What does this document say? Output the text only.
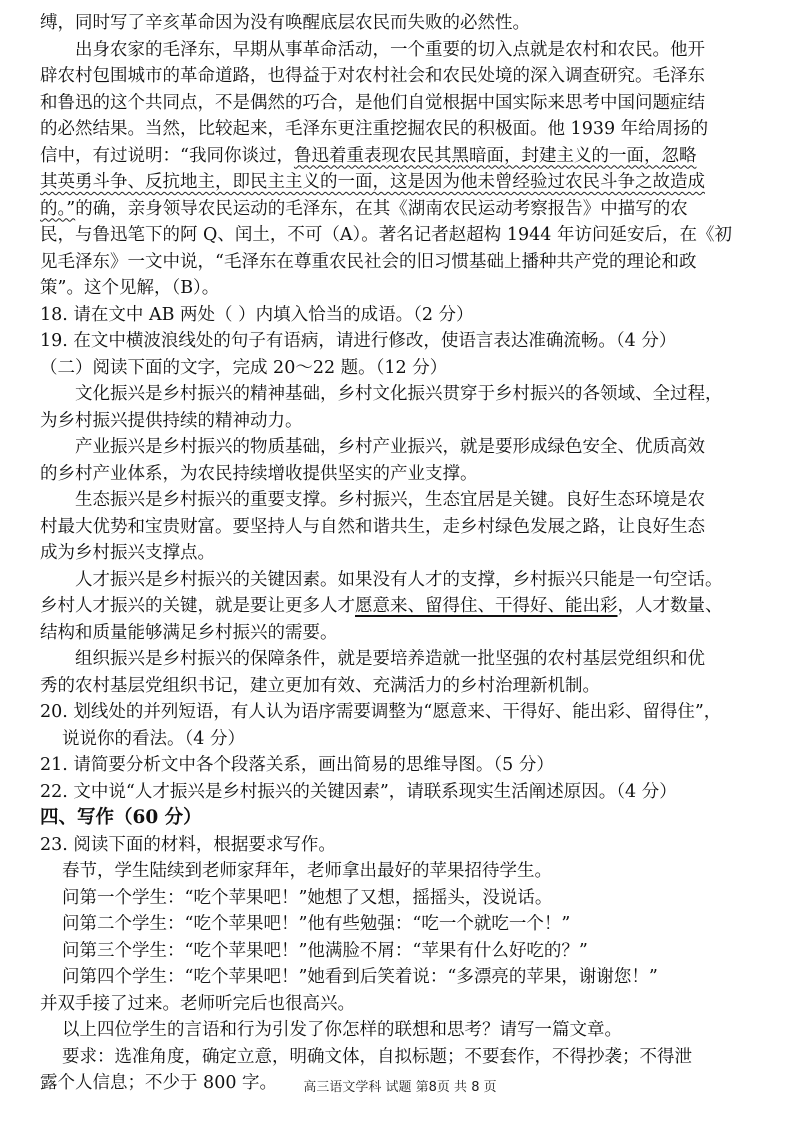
缚，同时写了辛亥革命因为没有唤醒底层农民而失败的必然性。

出身农家的毛泽东，早期从事革命活动，一个重要的切入点就是农村和农民。他开

辟农村包围城市的革命道路，也得益于对农村社会和农民处境的深入调查研究。毛泽东

和鲁迅的这个共同点，不是偶然的巧合，是他们自觉根据中国实际来思考中国问题症结

的必然结果。当然，比较起来，毛泽东更注重挖掘农民的积极面。他 1939 年给周扬的

信中，有过说明：“我同你谈过，鲁迅着重表现农民其黑暗面，封建主义的一面，忽略

其英勇斗争、反抗地主，即民主主义的一面，这是因为他未曾经验过农民斗争之故造成

的。”的确，亲身领导农民运动的毛泽东，在其《湖南农民运动考察报告》中描写的农

民，与鲁迅笔下的阿 Q、闰土，不可（A）。著名记者赵超构 1944 年访问延安后，在《初

见毛泽东》一文中说，“毛泽东在尊重农民社会的旧习惯基础上播种共产党的理论和政

策”。这个见解，（B）。

18. 请在文中 AB 两处（ ）内填入恰当的成语。（2 分）

19. 在文中横波浪线处的句子有语病，请进行修改，使语言表达准确流畅。（4 分）

（二）阅读下面的文字，完成 20～22 题。（12 分）

文化振兴是乡村振兴的精神基础，乡村文化振兴贯穿于乡村振兴的各领域、全过程，

为乡村振兴提供持续的精神动力。

产业振兴是乡村振兴的物质基础，乡村产业振兴，就是要形成绿色安全、优质高效

的乡村产业体系，为农民持续增收提供坚实的产业支撑。

生态振兴是乡村振兴的重要支撑。乡村振兴，生态宜居是关键。良好生态环境是农

村最大优势和宝贵财富。要坚持人与自然和谐共生，走乡村绿色发展之路，让良好生态

成为乡村振兴支撑点。

人才振兴是乡村振兴的关键因素。如果没有人才的支撑，乡村振兴只能是一句空话。

乡村人才振兴的关键，就是要让更多人才愿意来、留得住、干得好、能出彩，人才数量、

结构和质量能够满足乡村振兴的需要。

组织振兴是乡村振兴的保障条件，就是要培养造就一批坚强的农村基层党组织和优

秀的农村基层党组织书记，建立更加有效、充满活力的乡村治理新机制。

20. 划线处的并列短语，有人认为语序需要调整为“愿意来、干得好、能出彩、留得住”，

说说你的看法。（4 分）

21. 请简要分析文中各个段落关系，画出简易的思维导图。（5 分）

22. 文中说“人才振兴是乡村振兴的关键因素”，请联系现实生活阐述原因。（4 分）

四、写作（60 分）

23. 阅读下面的材料，根据要求写作。

春节，学生陆续到老师家拜年，老师拿出最好的苹果招待学生。

问第一个学生：“吃个苹果吧！”她想了又想，摇摇头，没说话。

问第二个学生：“吃个苹果吧！”他有些勉强：“吃一个就吃一个！”

问第三个学生：“吃个苹果吧！”他满脸不屑：“苹果有什么好吃的？”

问第四个学生：“吃个苹果吧！”她看到后笑着说：“多漂亮的苹果，谢谢您！”

并双手接了过来。老师听完后也很高兴。

以上四位学生的言语和行为引发了你怎样的联想和思考？请写一篇文章。

要求：选准角度，确定立意，明确文体，自拟标题；不要套作，不得抄袭；不得泄

露个人信息；不少于 800 字。	高三语文学科 试题 第8页 共 8 页
